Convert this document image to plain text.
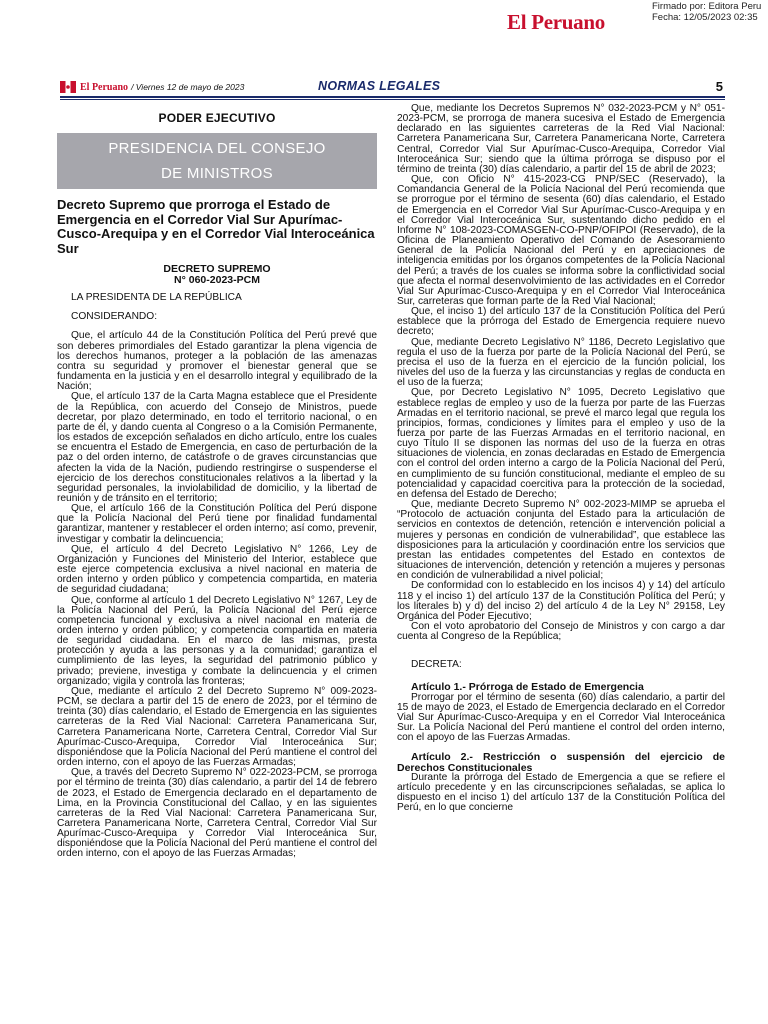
El Peruano
Firmado por: Editora Peru
Fecha: 12/05/2023 02:35
El Peruano / Viernes 12 de mayo de 2023	NORMAS LEGALES	5
PODER EJECUTIVO
PRESIDENCIA DEL CONSEJO
DE MINISTROS
Decreto Supremo que prorroga el Estado de Emergencia en el Corredor Vial Sur Apurímac-Cusco-Arequipa y en el Corredor Vial Interoceánica Sur
DECRETO SUPREMO
N° 060-2023-PCM

LA PRESIDENTA DE LA REPÚBLICA

CONSIDERANDO:

Que, el artículo 44 de la Constitución Política del Perú prevé que son deberes primordiales del Estado garantizar la plena vigencia de los derechos humanos, proteger a la población de las amenazas contra su seguridad y promover el bienestar general que se fundamenta en la justicia y en el desarrollo integral y equilibrado de la Nación;

Que, el artículo 137 de la Carta Magna establece que el Presidente de la República, con acuerdo del Consejo de Ministros, puede decretar, por plazo determinado, en todo el territorio nacional, o en parte de él, y dando cuenta al Congreso o a la Comisión Permanente, los estados de excepción señalados en dicho artículo, entre los cuales se encuentra el Estado de Emergencia, en caso de perturbación de la paz o del orden interno, de catástrofe o de graves circunstancias que afecten la vida de la Nación, pudiendo restringirse o suspenderse el ejercicio de los derechos constitucionales relativos a la libertad y la seguridad personales, la inviolabilidad de domicilio, y la libertad de reunión y de tránsito en el territorio;

Que, el artículo 166 de la Constitución Política del Perú dispone que la Policía Nacional del Perú tiene por finalidad fundamental garantizar, mantener y restablecer el orden interno; así como, prevenir, investigar y combatir la delincuencia;

Que, el artículo 4 del Decreto Legislativo N° 1266, Ley de Organización y Funciones del Ministerio del Interior, establece que este ejerce competencia exclusiva a nivel nacional en materia de orden interno y orden público y competencia compartida, en materia de seguridad ciudadana;

Que, conforme al artículo 1 del Decreto Legislativo N° 1267, Ley de la Policía Nacional del Perú, la Policía Nacional del Perú ejerce competencia funcional y exclusiva a nivel nacional en materia de orden interno y orden público; y competencia compartida en materia de seguridad ciudadana. En el marco de las mismas, presta protección y ayuda a las personas y a la comunidad; garantiza el cumplimiento de las leyes, la seguridad del patrimonio público y privado; previene, investiga y combate la delincuencia y el crimen organizado; vigila y controla las fronteras;

Que, mediante el artículo 2 del Decreto Supremo N° 009-2023-PCM, se declara a partir del 15 de enero de 2023, por el término de treinta (30) días calendario, el Estado de Emergencia en las siguientes carreteras de la Red Vial Nacional: Carretera Panamericana Sur, Carretera Panamericana Norte, Carretera Central, Corredor Vial Sur Apurímac-Cusco-Arequipa, Corredor Vial Interoceánica Sur; disponiéndose que la Policía Nacional del Perú mantiene el control del orden interno, con el apoyo de las Fuerzas Armadas;

Que, a través del Decreto Supremo N° 022-2023-PCM, se prorroga por el término de treinta (30) días calendario, a partir del 14 de febrero de 2023, el Estado de Emergencia declarado en el departamento de Lima, en la Provincia Constitucional del Callao, y en las siguientes carreteras de la Red Vial Nacional: Carretera Panamericana Sur, Carretera Panamericana Norte, Carretera Central, Corredor Vial Sur Apurímac-Cusco-Arequipa y Corredor Vial Interoceánica Sur, disponiéndose que la Policía Nacional del Perú mantiene el control del orden interno, con el apoyo de las Fuerzas Armadas;

Que, mediante los Decretos Supremos N° 032-2023-PCM y N° 051-2023-PCM, se prorroga de manera sucesiva el Estado de Emergencia declarado en las siguientes carreteras de la Red Vial Nacional: Carretera Panamericana Sur, Carretera Panamericana Norte, Carretera Central, Corredor Vial Sur Apurímac-Cusco-Arequipa, Corredor Vial Interoceánica Sur; siendo que la última prórroga se dispuso por el término de treinta (30) días calendario, a partir del 15 de abril de 2023;

Que, con Oficio N° 415-2023-CG PNP/SEC (Reservado), la Comandancia General de la Policía Nacional del Perú recomienda que se prorrogue por el término de sesenta (60) días calendario, el Estado de Emergencia en el Corredor Vial Sur Apurímac-Cusco-Arequipa y en el Corredor Vial Interoceánica Sur, sustentando dicho pedido en el Informe N° 108-2023-COMASGEN-CO-PNP/OFIPOI (Reservado), de la Oficina de Planeamiento Operativo del Comando de Asesoramiento General de la Policía Nacional del Perú y en apreciaciones de inteligencia emitidas por los órganos competentes de la Policía Nacional del Perú; a través de los cuales se informa sobre la conflictividad social que afecta el normal desenvolvimiento de las actividades en el Corredor Vial Sur Apurímac-Cusco-Arequipa y en el Corredor Vial Interoceánica Sur, carreteras que forman parte de la Red Vial Nacional;

Que, el inciso 1) del artículo 137 de la Constitución Política del Perú establece que la prórroga del Estado de Emergencia requiere nuevo decreto;

Que, mediante Decreto Legislativo N° 1186, Decreto Legislativo que regula el uso de la fuerza por parte de la Policía Nacional del Perú, se precisa el uso de la fuerza en el ejercicio de la función policial, los niveles del uso de la fuerza y las circunstancias y reglas de conducta en el uso de la fuerza;

Que, por Decreto Legislativo N° 1095, Decreto Legislativo que establece reglas de empleo y uso de la fuerza por parte de las Fuerzas Armadas en el territorio nacional, se prevé el marco legal que regula los principios, formas, condiciones y límites para el empleo y uso de la fuerza por parte de las Fuerzas Armadas en el territorio nacional, en cuyo Título II se disponen las normas del uso de la fuerza en otras situaciones de violencia, en zonas declaradas en Estado de Emergencia con el control del orden interno a cargo de la Policía Nacional del Perú, en cumplimiento de su función constitucional, mediante el empleo de su potencialidad y capacidad coercitiva para la protección de la sociedad, en defensa del Estado de Derecho;

Que, mediante Decreto Supremo N° 002-2023-MIMP se aprueba el “Protocolo de actuación conjunta del Estado para la articulación de servicios en contextos de detención, retención e intervención policial a mujeres y personas en condición de vulnerabilidad”, que establece las disposiciones para la articulación y coordinación entre los servicios que prestan las entidades competentes del Estado en contextos de situaciones de intervención, detención y retención a mujeres y personas en condición de vulnerabilidad a nivel policial;

De conformidad con lo establecido en los incisos 4) y 14) del artículo 118 y el inciso 1) del artículo 137 de la Constitución Política del Perú; y los literales b) y d) del inciso 2) del artículo 4 de la Ley N° 29158, Ley Orgánica del Poder Ejecutivo;

Con el voto aprobatorio del Consejo de Ministros y con cargo a dar cuenta al Congreso de la República;

DECRETA:

Artículo 1.- Prórroga de Estado de Emergencia

Prorrogar por el término de sesenta (60) días calendario, a partir del 15 de mayo de 2023, el Estado de Emergencia declarado en el Corredor Vial Sur Apurímac-Cusco-Arequipa y en el Corredor Vial Interoceánica Sur. La Policía Nacional del Perú mantiene el control del orden interno, con el apoyo de las Fuerzas Armadas.

Artículo 2.- Restricción o suspensión del ejercicio de Derechos Constitucionales

Durante la prórroga del Estado de Emergencia a que se refiere el artículo precedente y en las circunscripciones señaladas, se aplica lo dispuesto en el inciso 1) del artículo 137 de la Constitución Política del Perú, en lo que concierne
